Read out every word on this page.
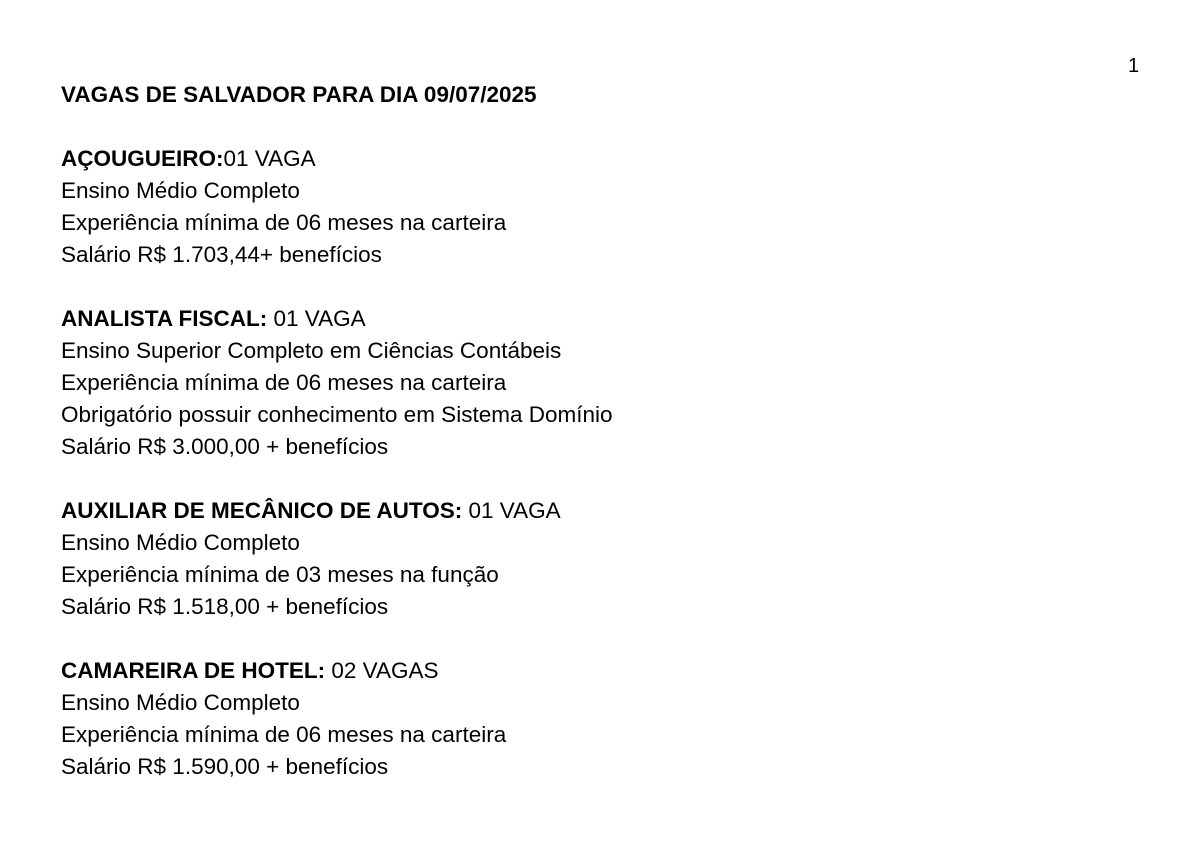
1
VAGAS DE SALVADOR PARA DIA 09/07/2025
AÇOUGUEIRO:01 VAGA
Ensino Médio Completo
Experiência mínima de 06 meses na carteira
Salário R$ 1.703,44+ benefícios
ANALISTA FISCAL: 01 VAGA
Ensino Superior Completo em Ciências Contábeis
Experiência mínima de 06 meses na carteira
Obrigatório possuir conhecimento em Sistema Domínio
Salário R$ 3.000,00 + benefícios
AUXILIAR DE MECÂNICO DE AUTOS: 01 VAGA
Ensino Médio Completo
Experiência mínima de 03 meses na função
Salário R$ 1.518,00 + benefícios
CAMAREIRA DE HOTEL: 02 VAGAS
Ensino Médio Completo
Experiência mínima de 06 meses na carteira
Salário R$ 1.590,00 + benefícios
